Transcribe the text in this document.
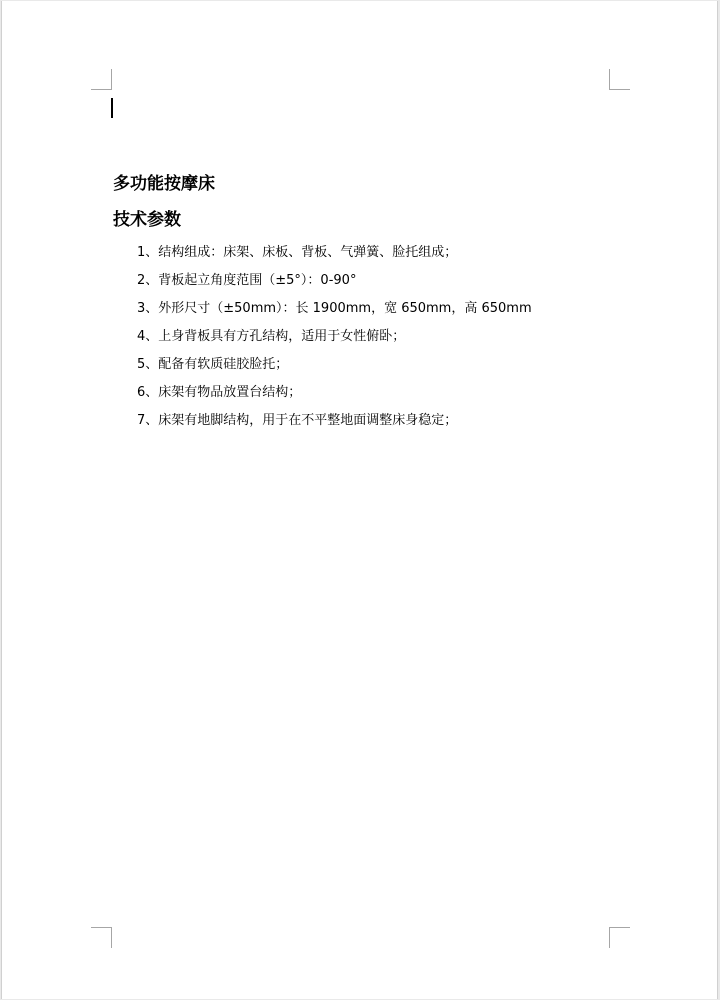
多功能按摩床
技术参数
1、结构组成：床架、床板、背板、气弹簧、脸托组成；
2、背板起立角度范围（±5°）：0-90°
3、外形尺寸（±50mm）：长 1900mm，宽 650mm，高 650mm
4、上身背板具有方孔结构，适用于女性俯卧；
5、配备有软质硅胶脸托；
6、床架有物品放置台结构；
7、床架有地脚结构，用于在不平整地面调整床身稳定；
